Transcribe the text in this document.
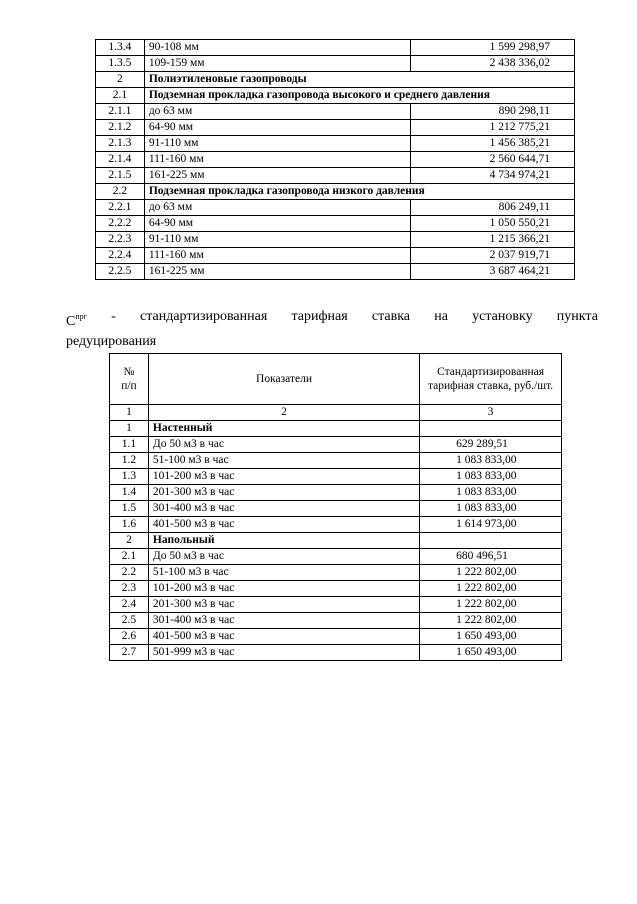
1.3.4	90-108 мм	1 599 298,97
1.3.5	109-159 мм	2 438 336,02
2	Полиэтиленовые газопроводы	
2.1	Подземная прокладка газопровода высокого и среднего давления	
2.1.1	до 63 мм	890 298,11
2.1.2	64-90 мм	1 212 775,21
2.1.3	91-110 мм	1 456 385,21
2.1.4	111-160 мм	2 560 644,71
2.1.5	161-225 мм	4 734 974,21
2.2	Подземная прокладка газопровода низкого давления	
2.2.1	до 63 мм	806 249,11
2.2.2	64-90 мм	1 050 550,21
2.2.3	91-110 мм	1 215 366,21
2.2.4	111-160 мм	2 037 919,71
2.2.5	161-225 мм	3 687 464,21
$С^{прг}$ - стандартизированная тарифная ставка на установку пункта
редуцирования
№
п/п	Показатели	Стандартизированная тарифная ставка, руб./шт.
1	2	3
1	Настенный	
1.1	До 50 м3 в час	629 289,51
1.2	51-100 м3 в час	1 083 833,00
1.3	101-200 м3 в час	1 083 833,00
1.4	201-300 м3 в час	1 083 833,00
1.5	301-400 м3 в час	1 083 833,00
1.6	401-500 м3 в час	1 614 973,00
2	Напольный	
2.1	До 50 м3 в час	680 496,51
2.2	51-100 м3 в час	1 222 802,00
2.3	101-200 м3 в час	1 222 802,00
2.4	201-300 м3 в час	1 222 802,00
2.5	301-400 м3 в час	1 222 802,00
2.6	401-500 м3 в час	1 650 493,00
2.7	501-999 м3 в час	1 650 493,00
